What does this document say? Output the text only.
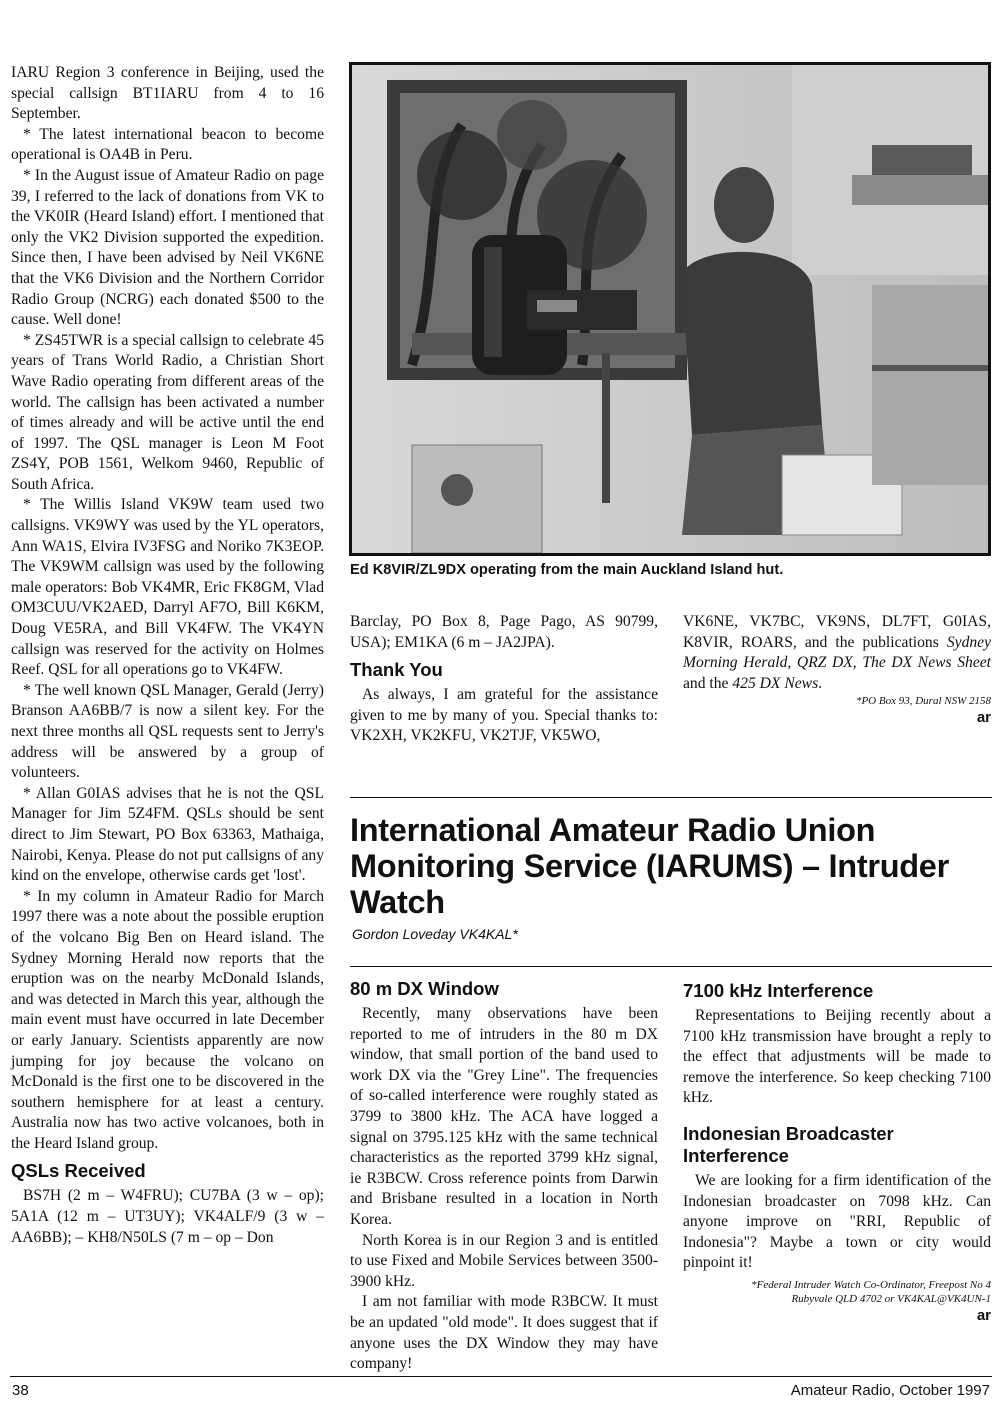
IARU Region 3 conference in Beijing, used the special callsign BT1IARU from 4 to 16 September.

* The latest international beacon to become operational is OA4B in Peru.

* In the August issue of Amateur Radio on page 39, I referred to the lack of donations from VK to the VK0IR (Heard Island) effort. I mentioned that only the VK2 Division supported the expedition. Since then, I have been advised by Neil VK6NE that the VK6 Division and the Northern Corridor Radio Group (NCRG) each donated $500 to the cause. Well done!

* ZS45TWR is a special callsign to celebrate 45 years of Trans World Radio, a Christian Short Wave Radio operating from different areas of the world. The callsign has been activated a number of times already and will be active until the end of 1997. The QSL manager is Leon M Foot ZS4Y, POB 1561, Welkom 9460, Republic of South Africa.

* The Willis Island VK9W team used two callsigns. VK9WY was used by the YL operators, Ann WA1S, Elvira IV3FSG and Noriko 7K3EOP. The VK9WM callsign was used by the following male operators: Bob VK4MR, Eric FK8GM, Vlad OM3CUU/VK2AED, Darryl AF7O, Bill K6KM, Doug VE5RA, and Bill VK4FW. The VK4YN callsign was reserved for the activity on Holmes Reef. QSL for all operations go to VK4FW.

* The well known QSL Manager, Gerald (Jerry) Branson AA6BB/7 is now a silent key. For the next three months all QSL requests sent to Jerry's address will be answered by a group of volunteers.

* Allan G0IAS advises that he is not the QSL Manager for Jim 5Z4FM. QSLs should be sent direct to Jim Stewart, PO Box 63363, Mathaiga, Nairobi, Kenya. Please do not put callsigns of any kind on the envelope, otherwise cards get 'lost'.

* In my column in Amateur Radio for March 1997 there was a note about the possible eruption of the volcano Big Ben on Heard island. The Sydney Morning Herald now reports that the eruption was on the nearby McDonald Islands, and was detected in March this year, although the main event must have occurred in late December or early January. Scientists apparently are now jumping for joy because the volcano on McDonald is the first one to be discovered in the southern hemisphere for at least a century. Australia now has two active volcanoes, both in the Heard Island group.

QSLs Received

BS7H (2 m – W4FRU); CU7BA (3 w – op); 5A1A (12 m – UT3UY); VK4ALF/9 (3 w – AA6BB); – KH8/N50LS (7 m – op – Don

Ed K8VIR/ZL9DX operating from the main Auckland Island hut.

Barclay, PO Box 8, Page Pago, AS 90799, USA); EM1KA (6 m – JA2JPA).

Thank You

As always, I am grateful for the assistance given to me by many of you. Special thanks to: VK2XH, VK2KFU, VK2TJF, VK5WO,

VK6NE, VK7BC, VK9NS, DL7FT, G0IAS, K8VIR, ROARS, and the publications Sydney Morning Herald, QRZ DX, The DX News Sheet and the 425 DX News.

*PO Box 93, Dural NSW 2158
ar
International Amateur Radio Union Monitoring Service (IARUMS) – Intruder Watch
Gordon Loveday VK4KAL*
80 m DX Window

Recently, many observations have been reported to me of intruders in the 80 m DX window, that small portion of the band used to work DX via the "Grey Line". The frequencies of so-called interference were roughly stated as 3799 to 3800 kHz. The ACA have logged a signal on 3795.125 kHz with the same technical characteristics as the reported 3799 kHz signal, ie R3BCW. Cross reference points from Darwin and Brisbane resulted in a location in North Korea.

North Korea is in our Region 3 and is entitled to use Fixed and Mobile Services between 3500-3900 kHz.

I am not familiar with mode R3BCW. It must be an updated "old mode". It does suggest that if anyone uses the DX Window they may have company!

7100 kHz Interference

Representations to Beijing recently about a 7100 kHz transmission have brought a reply to the effect that adjustments will be made to remove the interference. So keep checking 7100 kHz.

Indonesian Broadcaster Interference

We are looking for a firm identification of the Indonesian broadcaster on 7098 kHz. Can anyone improve on "RRI, Republic of Indonesia"? Maybe a town or city would pinpoint it!

*Federal Intruder Watch Co-Ordinator, Freepost No 4
Rubyvale QLD 4702 or VK4KAL@VK4UN-1
ar
38	Amateur Radio, October 1997
